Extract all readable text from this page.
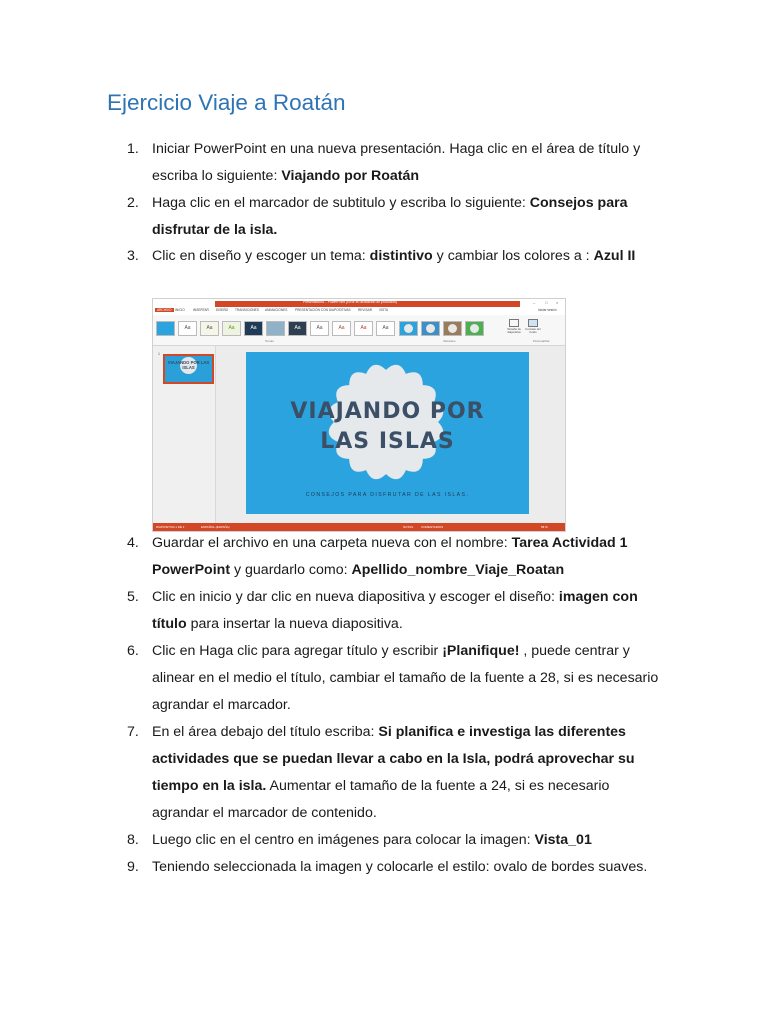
Ejercicio Viaje a Roatán
1. Iniciar PowerPoint en una nueva presentación. Haga clic en el área de título y escriba lo siguiente: Viajando por Roatán
2. Haga clic en el marcador de subtitulo y escriba lo siguiente: Consejos para disfrutar de la isla.
3. Clic en diseño y escoger un tema: distintivo y cambiar los colores a : Azul II
4. Guardar el archivo en una carpeta nueva con el nombre: Tarea Actividad 1 PowerPoint y guardarlo como: Apellido_nombre_Viaje_Roatan
5. Clic en inicio y dar clic en nueva diapositiva y escoger el diseño: imagen con título para insertar la nueva diapositiva.
6. Clic en Haga clic para agregar título y escribir ¡Planifique! , puede centrar y alinear en el medio el título, cambiar el tamaño de la fuente a 28, si es necesario agrandar el marcador.
7. En el área debajo del título escriba: Si planifica e investiga las diferentes actividades que se puedan llevar a cabo en la Isla, podrá aprovechar su tiempo en la isla. Aumentar el tamaño de la fuente a 24, si es necesario agrandar el marcador de contenido.
8. Luego clic en el centro en imágenes para colocar la imagen: Vista_01
9. Teniendo seleccionada la imagen y colocarle el estilo: ovalo de bordes suaves.
Presentación1 - PowerPoint (Error en activación de productos)	– □ ×
ARCHIVO	INICIO	INSERTAR DISEÑO TRANSICIONES ANIMACIONES PRESENTACIÓN CON DIAPOSITIVAS REVISAR VISTA	Iniciar sesión
Aa	Aa	Aa	Aa	Aa	Aa	Aa	Aa	Aa
Temas	Variantes
Tamaño de diapositiva
Formato del fondo
Personalizar
1
VIAJANDO POR LAS ISLAS
VIAJANDO POR
LAS ISLAS
CONSEJOS PARA DISFRUTAR DE LAS ISLAS.
DIAPOSITIVA 1 DE 1	ESPAÑOL (ESPAÑA)	NOTAS	COMENTARIOS	58 %
